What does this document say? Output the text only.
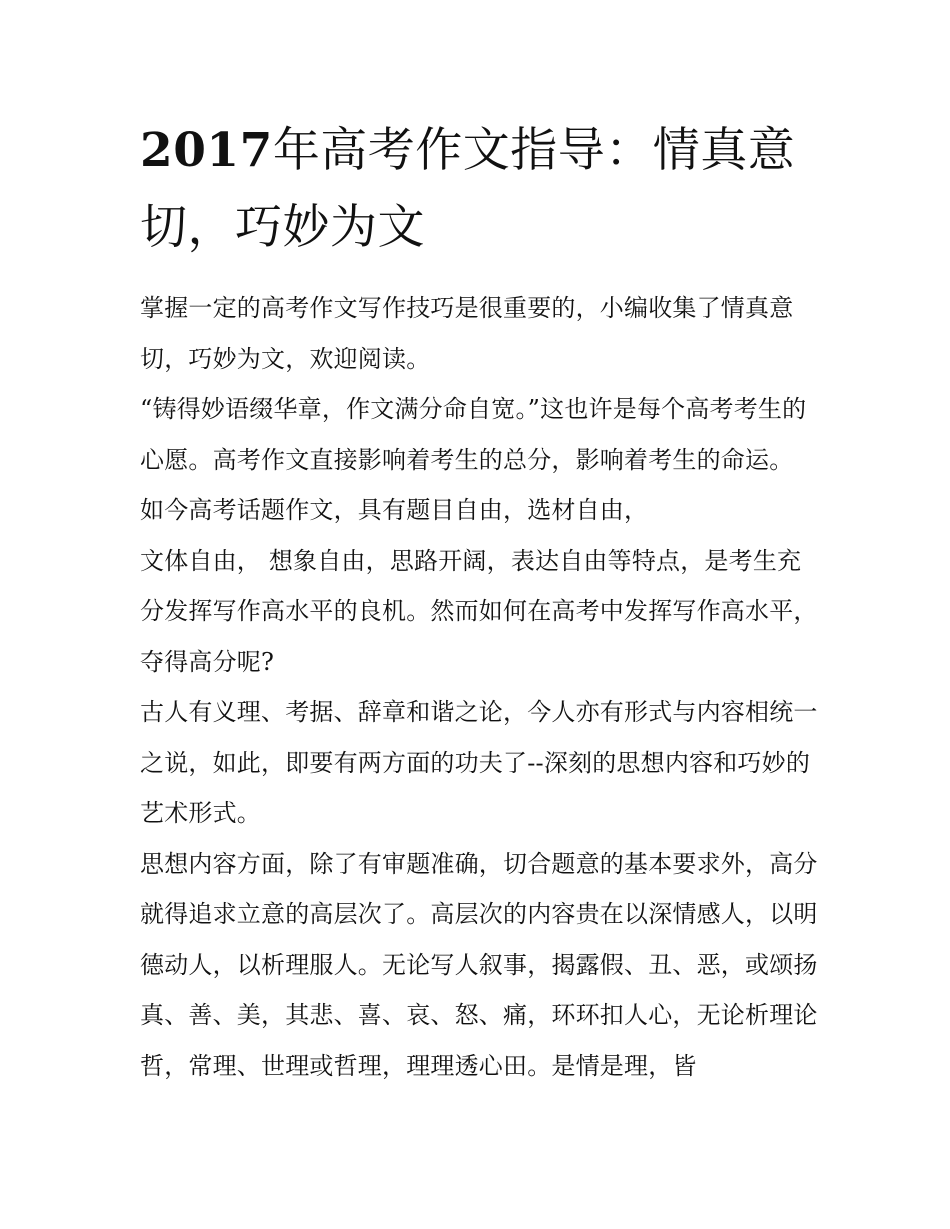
2017年高考作文指导：情真意切，巧妙为文

掌握一定的高考作文写作技巧是很重要的，小编收集了情真意切，巧妙为文，欢迎阅读。

“铸得妙语缀华章，作文满分命自宽。”这也许是每个高考考生的心愿。高考作文直接影响着考生的总分，影响着考生的命运。 如今高考话题作文，具有题目自由，选材自由，

文体自由， 想象自由，思路开阔，表达自由等特点，是考生充分发挥写作高水平的良机。然而如何在高考中发挥写作高水平，夺得高分呢?

古人有义理、考据、辞章和谐之论，今人亦有形式与内容相统一之说，如此，即要有两方面的功夫了--深刻的思想内容和巧妙的艺术形式。

思想内容方面，除了有审题准确，切合题意的基本要求外，高分就得追求立意的高层次了。高层次的内容贵在以深情感人，以明德动人，以析理服人。无论写人叙事，揭露假、丑、恶，或颂扬真、善、美，其悲、喜、哀、怒、痛，环环扣人心，无论析理论哲，常理、世理或哲理，理理透心田。是情是理，皆
